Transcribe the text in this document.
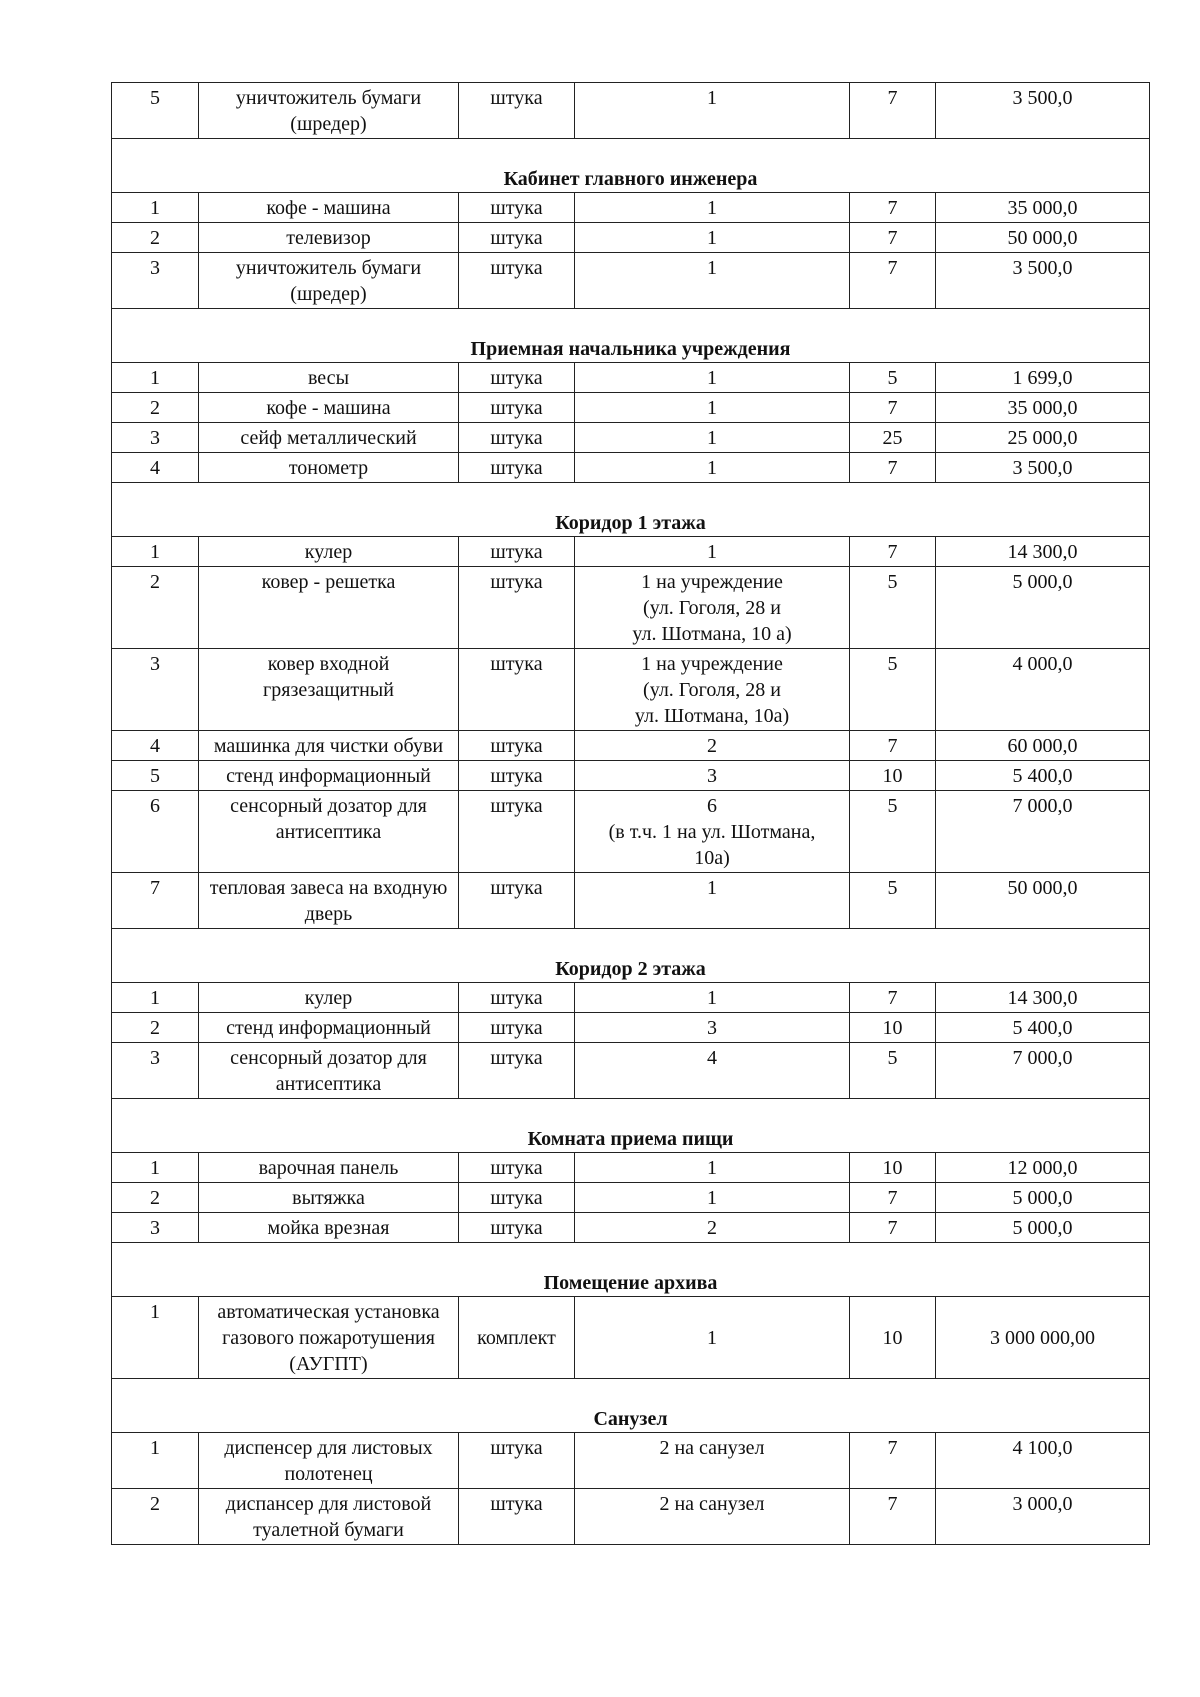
5	уничтожитель бумаги (шредер)	штука	1	7	3 500,0
Кабинет главного инженера					
1	кофе - машина	штука	1	7	35 000,0
2	телевизор	штука	1	7	50 000,0
3	уничтожитель бумаги (шредер)	штука	1	7	3 500,0
Приемная начальника учреждения					
1	весы	штука	1	5	1 699,0
2	кофе - машина	штука	1	7	35 000,0
3	сейф металлический	штука	1	25	25 000,0
4	тонометр	штука	1	7	3 500,0
Коридор 1 этажа					
1	кулер	штука	1	7	14 300,0
2	ковер - решетка	штука	1 на учреждение
(ул. Гоголя, 28 и
ул. Шотмана, 10 а)	5	5 000,0
3	ковер входной грязезащитный	штука	1 на учреждение
(ул. Гоголя, 28 и
ул. Шотмана, 10а)	5	4 000,0
4	машинка для чистки обуви	штука	2	7	60 000,0
5	стенд информационный	штука	3	10	5 400,0
6	сенсорный дозатор для антисептика	штука	6
(в т.ч. 1 на ул. Шотмана,
10а)	5	7 000,0
7	тепловая завеса на входную дверь	штука	1	5	50 000,0
Коридор 2 этажа					
1	кулер	штука	1	7	14 300,0
2	стенд информационный	штука	3	10	5 400,0
3	сенсорный дозатор для антисептика	штука	4	5	7 000,0
Комната приема пищи					
1	варочная панель	штука	1	10	12 000,0
2	вытяжка	штука	1	7	5 000,0
3	мойка врезная	штука	2	7	5 000,0
Помещение архива					
1	автоматическая установка газового пожаротушения (АУГПТ)	комплект	1	10	3 000 000,00
Санузел					
1	диспенсер для листовых полотенец	штука	2 на санузел	7	4 100,0
2	диспансер для листовой туалетной бумаги	штука	2 на санузел	7	3 000,0
